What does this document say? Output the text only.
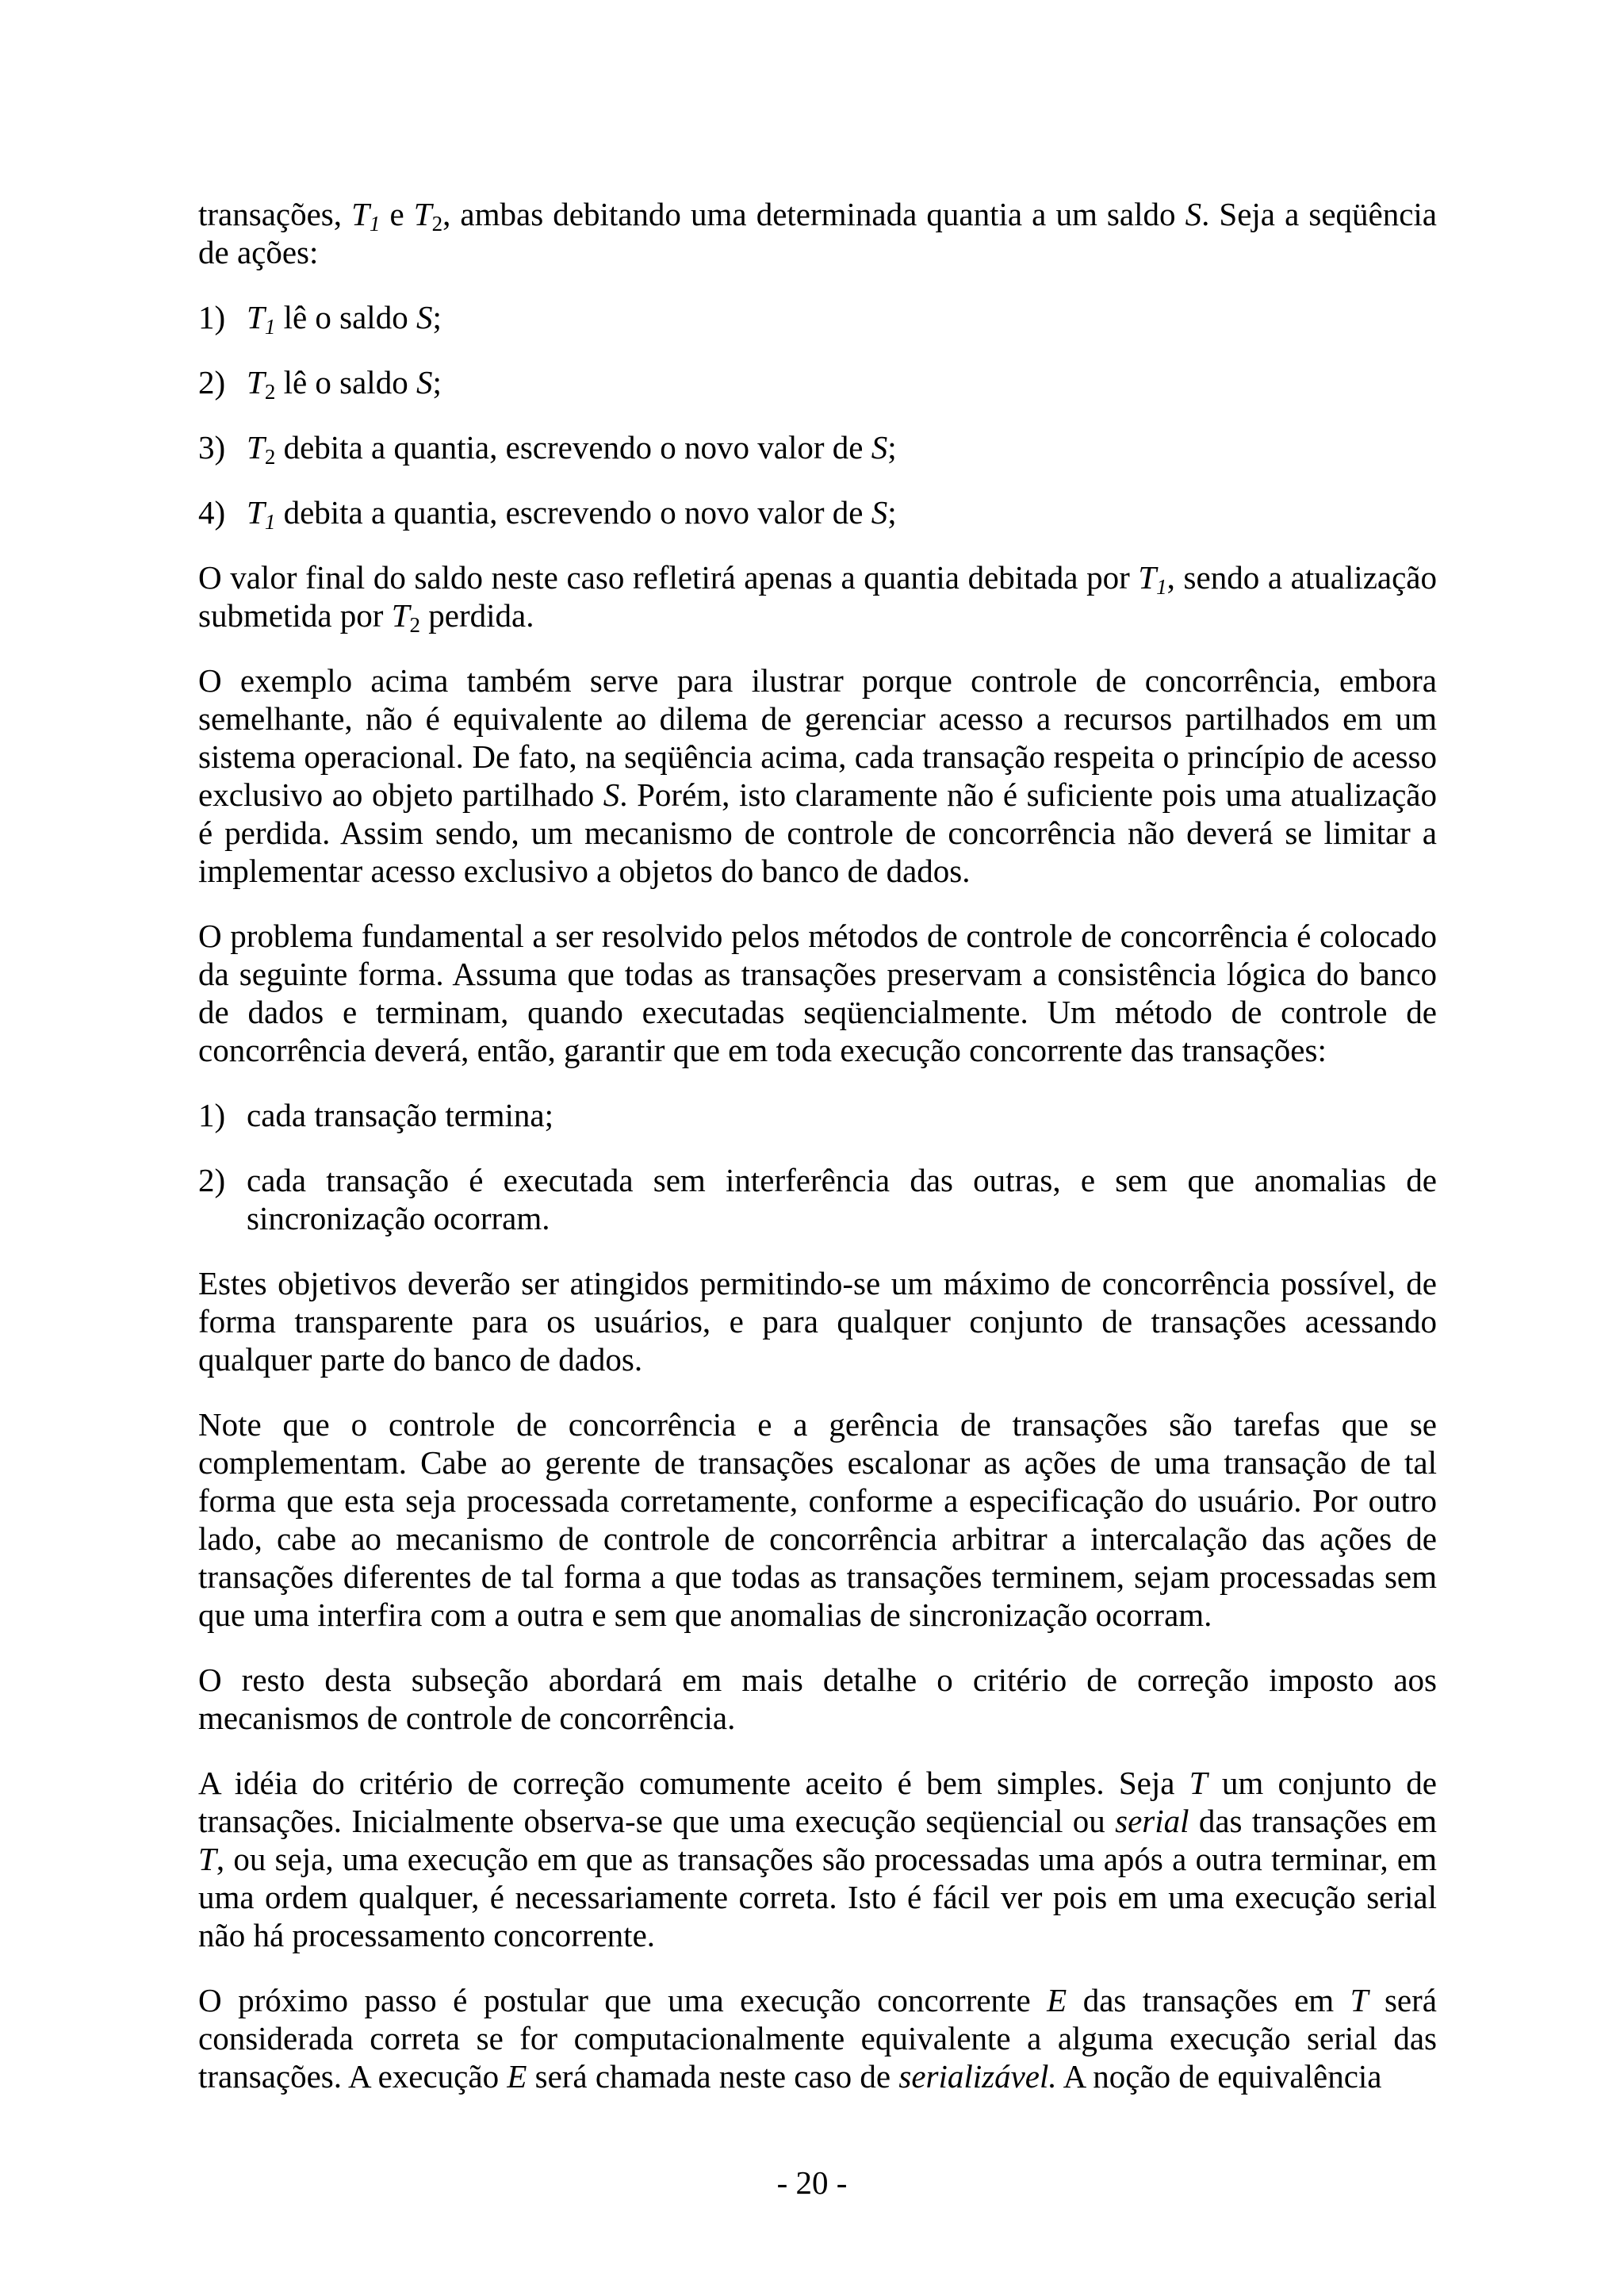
transações, $T_1$ e $T_2$, ambas debitando uma determinada quantia a um saldo S. Seja a seqüência de ações:

1) $T_1$ lê o saldo S;
2) $T_2$ lê o saldo S;
3) $T_2$ debita a quantia, escrevendo o novo valor de S;
4) $T_1$ debita a quantia, escrevendo o novo valor de S;

O valor final do saldo neste caso refletirá apenas a quantia debitada por $T_1$, sendo a atualização submetida por $T_2$ perdida.

O exemplo acima também serve para ilustrar porque controle de concorrência, embora semelhante, não é equivalente ao dilema de gerenciar acesso a recursos partilhados em um sistema operacional. De fato, na seqüência acima, cada transação respeita o princípio de acesso exclusivo ao objeto partilhado S. Porém, isto claramente não é suficiente pois uma atualização é perdida. Assim sendo, um mecanismo de controle de concorrência não deverá se limitar a implementar acesso exclusivo a objetos do banco de dados.

O problema fundamental a ser resolvido pelos métodos de controle de concorrência é colocado da seguinte forma. Assuma que todas as transações preservam a consistência lógica do banco de dados e terminam, quando executadas seqüencialmente. Um método de controle de concorrência deverá, então, garantir que em toda execução concorrente das transações:

1) cada transação termina;
2) cada transação é executada sem interferência das outras, e sem que anomalias de sincronização ocorram.

Estes objetivos deverão ser atingidos permitindo-se um máximo de concorrência possível, de forma transparente para os usuários, e para qualquer conjunto de transações acessando qualquer parte do banco de dados.

Note que o controle de concorrência e a gerência de transações são tarefas que se complementam. Cabe ao gerente de transações escalonar as ações de uma transação de tal forma que esta seja processada corretamente, conforme a especificação do usuário. Por outro lado, cabe ao mecanismo de controle de concorrência arbitrar a intercalação das ações de transações diferentes de tal forma a que todas as transações terminem, sejam processadas sem que uma interfira com a outra e sem que anomalias de sincronização ocorram.

O resto desta subseção abordará em mais detalhe o critério de correção imposto aos mecanismos de controle de concorrência.

A idéia do critério de correção comumente aceito é bem simples. Seja T um conjunto de transações. Inicialmente observa-se que uma execução seqüencial ou serial das transações em T, ou seja, uma execução em que as transações são processadas uma após a outra terminar, em uma ordem qualquer, é necessariamente correta. Isto é fácil ver pois em uma execução serial não há processamento concorrente.

O próximo passo é postular que uma execução concorrente E das transações em T será considerada correta se for computacionalmente equivalente a alguma execução serial das transações. A execução E será chamada neste caso de serializável. A noção de equivalência

- 20 -
